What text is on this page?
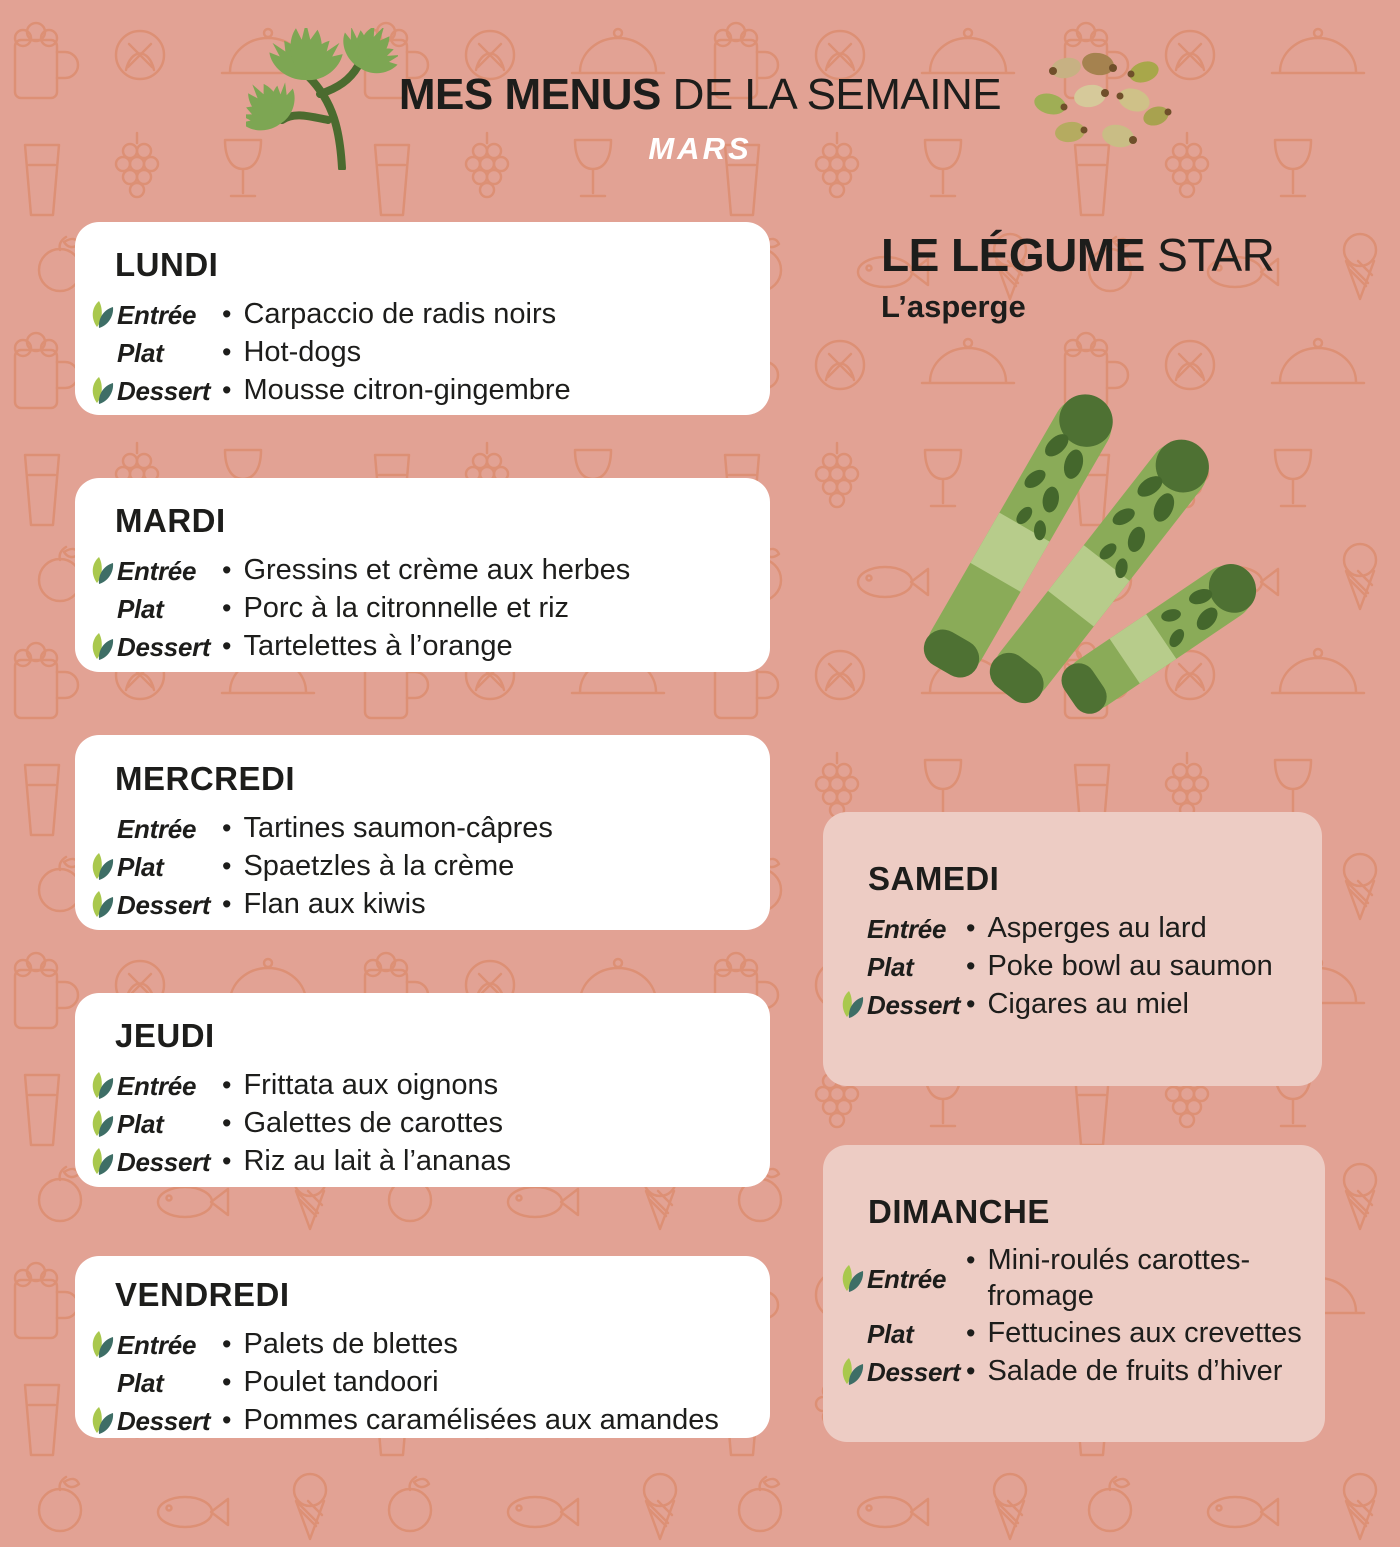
MES MENUS DE LA SEMAINE
MARS
LE LÉGUME STAR
L’asperge
LUNDI
Entrée	• Carpaccio de radis noirs
Plat	• Hot-dogs
Dessert	• Mousse citron-gingembre
MARDI
Entrée	• Gressins et crème aux herbes
Plat	• Porc à la citronnelle et riz
Dessert	• Tartelettes à l’orange
MERCREDI
Entrée	• Tartines saumon-câpres
Plat	• Spaetzles à la crème
Dessert	• Flan aux kiwis
JEUDI
Entrée	• Frittata aux oignons
Plat	• Galettes de carottes
Dessert	• Riz au lait à l’ananas
VENDREDI
Entrée	• Palets de blettes
Plat	• Poulet tandoori
Dessert	• Pommes caramélisées aux amandes
SAMEDI
Entrée	• Asperges au lard
Plat	• Poke bowl au saumon
Dessert • Cigares au miel
DIMANCHE
Entrée
• Mini-roulés carottes-fromage
Plat	• Fettucines aux crevettes
Dessert • Salade de fruits d’hiver
